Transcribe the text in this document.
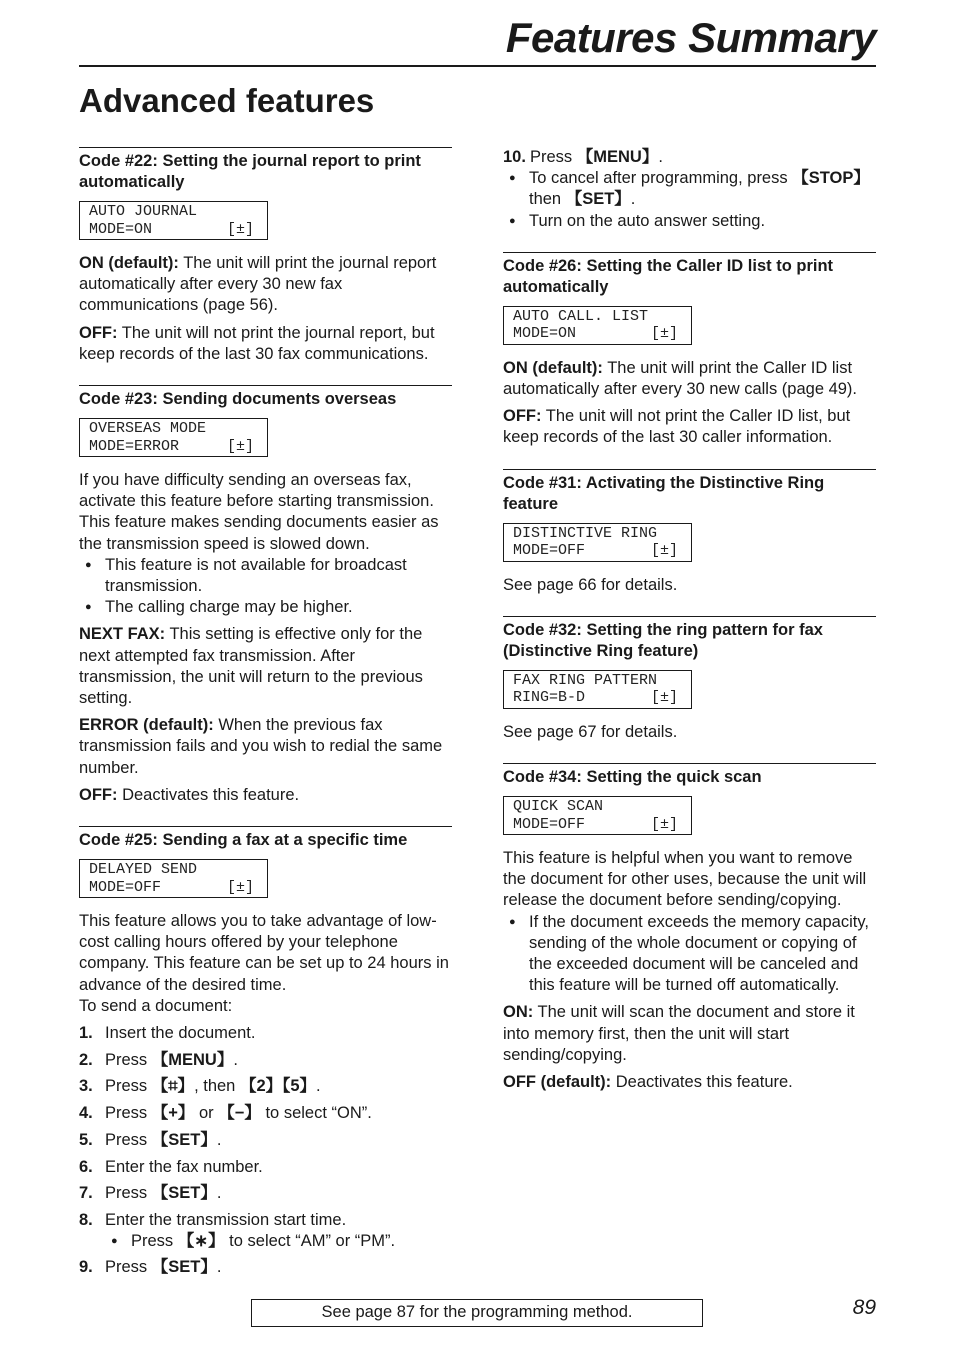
Features Summary
Advanced features
Code #22: Setting the journal report to print automatically
AUTO JOURNAL
MODE=ON	[±]

ON (default): The unit will print the journal report automatically after every 30 new fax communications (page 56).

OFF: The unit will not print the journal report, but keep records of the last 30 fax communications.

Code #23: Sending documents overseas
OVERSEAS MODE
MODE=ERROR	[±]

If you have difficulty sending an overseas fax, activate this feature before starting transmission. This feature makes sending documents easier as the transmission speed is slowed down.

● This feature is not available for broadcast transmission.

● The calling charge may be higher.

NEXT FAX: This setting is effective only for the next attempted fax transmission. After transmission, the unit will return to the previous setting.

ERROR (default): When the previous fax transmission fails and you wish to redial the same number.

OFF: Deactivates this feature.

Code #25: Sending a fax at a specific time
DELAYED SEND
MODE=OFF	[±]

This feature allows you to take advantage of low-cost calling hours offered by your telephone company. This feature can be set up to 24 hours in advance of the desired time.

To send a document:

1. Insert the document.
2. Press 【MENU】.
3. Press 【⌗】, then 【2】【5】.
4. Press 【+】 or 【−】 to select “ON”.
5. Press 【SET】.
6. Enter the fax number.
7. Press 【SET】.
8. Enter the transmission start time.

● Press 【∗】 to select “AM” or “PM”.

9. Press 【SET】.
10. Press 【MENU】.

● To cancel after programming, press 【STOP】 then 【SET】.

● Turn on the auto answer setting.

Code #26: Setting the Caller ID list to print automatically
AUTO CALL. LIST
MODE=ON	[±]

ON (default): The unit will print the Caller ID list automatically after every 30 new calls (page 49).

OFF: The unit will not print the Caller ID list, but keep records of the last 30 caller information.

Code #31: Activating the Distinctive Ring feature
DISTINCTIVE RING
MODE=OFF	[±]

See page 66 for details.

Code #32: Setting the ring pattern for fax (Distinctive Ring feature)
FAX RING PATTERN
RING=B-D	[±]

See page 67 for details.

Code #34: Setting the quick scan
QUICK SCAN
MODE=OFF	[±]

This feature is helpful when you want to remove the document for other uses, because the unit will release the document before sending/copying.

● If the document exceeds the memory capacity, sending of the whole document or copying of the exceeded document will be canceled and this feature will be turned off automatically.

ON: The unit will scan the document and store it into memory first, then the unit will start sending/copying.

OFF (default): Deactivates this feature.

See page 87 for the programming method.	89
